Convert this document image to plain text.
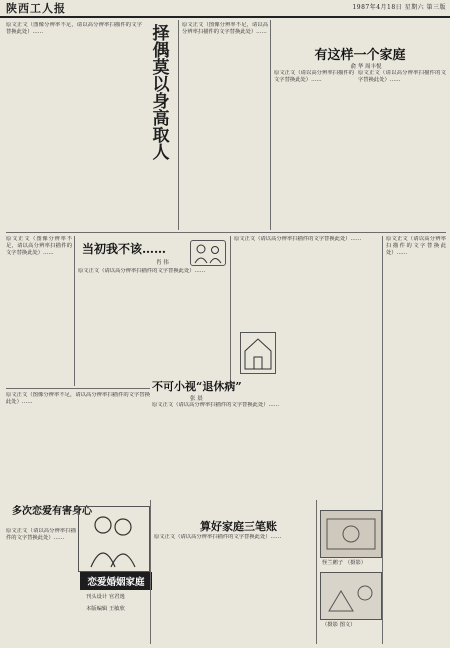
陕西工人报	1987年4月18日 星期六 第三版
原文正文（图像分辨率不足，请以高分辨率扫描件的文字替换此处）……	择偶莫以
身高取人
原文正文（图像分辨率不足，请以高分辨率扫描件的文字替换此处）……
有这样一个家庭
俞 华 周丰悦
原文正文（请以高分辨率扫描件的文字替换此处）……
原文正文（请以高分辨率扫描件的文字替换此处）……
原文正文（图像分辨率不足，请以高分辨率扫描件的文字替换此处）……	当初我不该……
肖 伟
原文正文（请以高分辨率扫描件的文字替换此处）……
原文正文（请以高分辨率扫描件的文字替换此处）……
不可小视“退休病”
张 晨
原文正文（请以高分辨率扫描件的文字替换此处）……
原文正文（请以高分辨率扫描件的文字替换此处）……
原文正文（图像分辨率不足，请以高分辨率扫描件的文字替换此处）……
多次恋爱有害身心
原文正文（请以高分辨率扫描件的文字替换此处）……
恋爱婚姻家庭
刊头设计 官君逸
本版编辑 王敏欣
算好家庭三笔账
原文正文（请以高分辨率扫描件的文字替换此处）……
怪兰鹅子 （摄影）
（摄影 图文）
